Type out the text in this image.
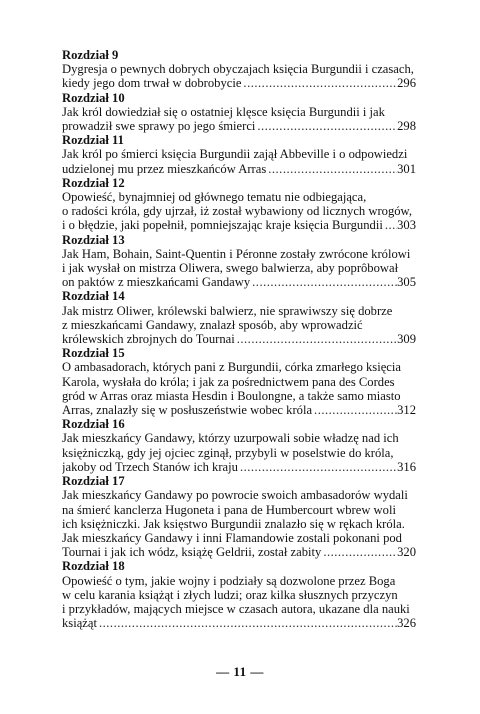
Rozdział 9
Dygresja o pewnych dobrych obyczajach księcia Burgundii i czasach,
kiedy jego dom trwał w dobrobycie .....	296
Rozdział 10
Jak król dowiedział się o ostatniej klęsce księcia Burgundii i jak
prowadził swe sprawy po jego śmierci .....	298
Rozdział 11
Jak król po śmierci księcia Burgundii zajął Abbeville i o odpowiedzi
udzielonej mu przez mieszkańców Arras .....	301
Rozdział 12
Opowieść, bynajmniej od głównego tematu nie odbiegająca,
o radości króla, gdy ujrzał, iż został wybawiony od licznych wrogów,
i o błędzie, jaki popełnił, pomniejszając kraje księcia Burgundii ..... 303
Rozdział 13
Jak Ham, Bohain, Saint-Quentin i Péronne zostały zwrócone królowi
i jak wysłał on mistrza Oliwera, swego balwierza, aby poprôbował
on paktów z mieszkańcami Gandawy .....	305
Rozdział 14
Jak mistrz Oliwer, królewski balwierz, nie sprawiwszy się dobrze
z mieszkańcami Gandawy, znalazł sposób, aby wprowadzić
królewskich zbrojnych do Tournai .....	309
Rozdział 15
O ambasadorach, których pani z Burgundii, córka zmarłego księcia
Karola, wysłała do króla; i jak za pośrednictwem pana des Cordes
gród w Arras oraz miasta Hesdin i Boulongne, a także samo miasto
Arras, znalazły się w posłuszeństwie wobec króla .....	312
Rozdział 16
Jak mieszkańcy Gandawy, którzy uzurpowali sobie władzę nad ich
księżniczką, gdy jej ojciec zginął, przybyli w poselstwie do króla,
jakoby od Trzech Stanów ich kraju .....	316
Rozdział 17
Jak mieszkańcy Gandawy po powrocie swoich ambasadorów wydali
na śmierć kanclerza Hugoneta i pana de Humbercourt wbrew woli
ich księżniczki. Jak księstwo Burgundii znalazło się w rękach króla.
Jak mieszkańcy Gandawy i inni Flamandowie zostali pokonani pod
Tournai i jak ich wódz, książę Geldrii, został zabity .....	320
Rozdział 18
Opowieść o tym, jakie wojny i podziały są dozwolone przez Boga
w celu karania książąt i złych ludzi; oraz kilka słusznych przyczyn
i przykładów, mających miejsce w czasach autora, ukazane dla nauki
książąt .....	326
— 11 —
